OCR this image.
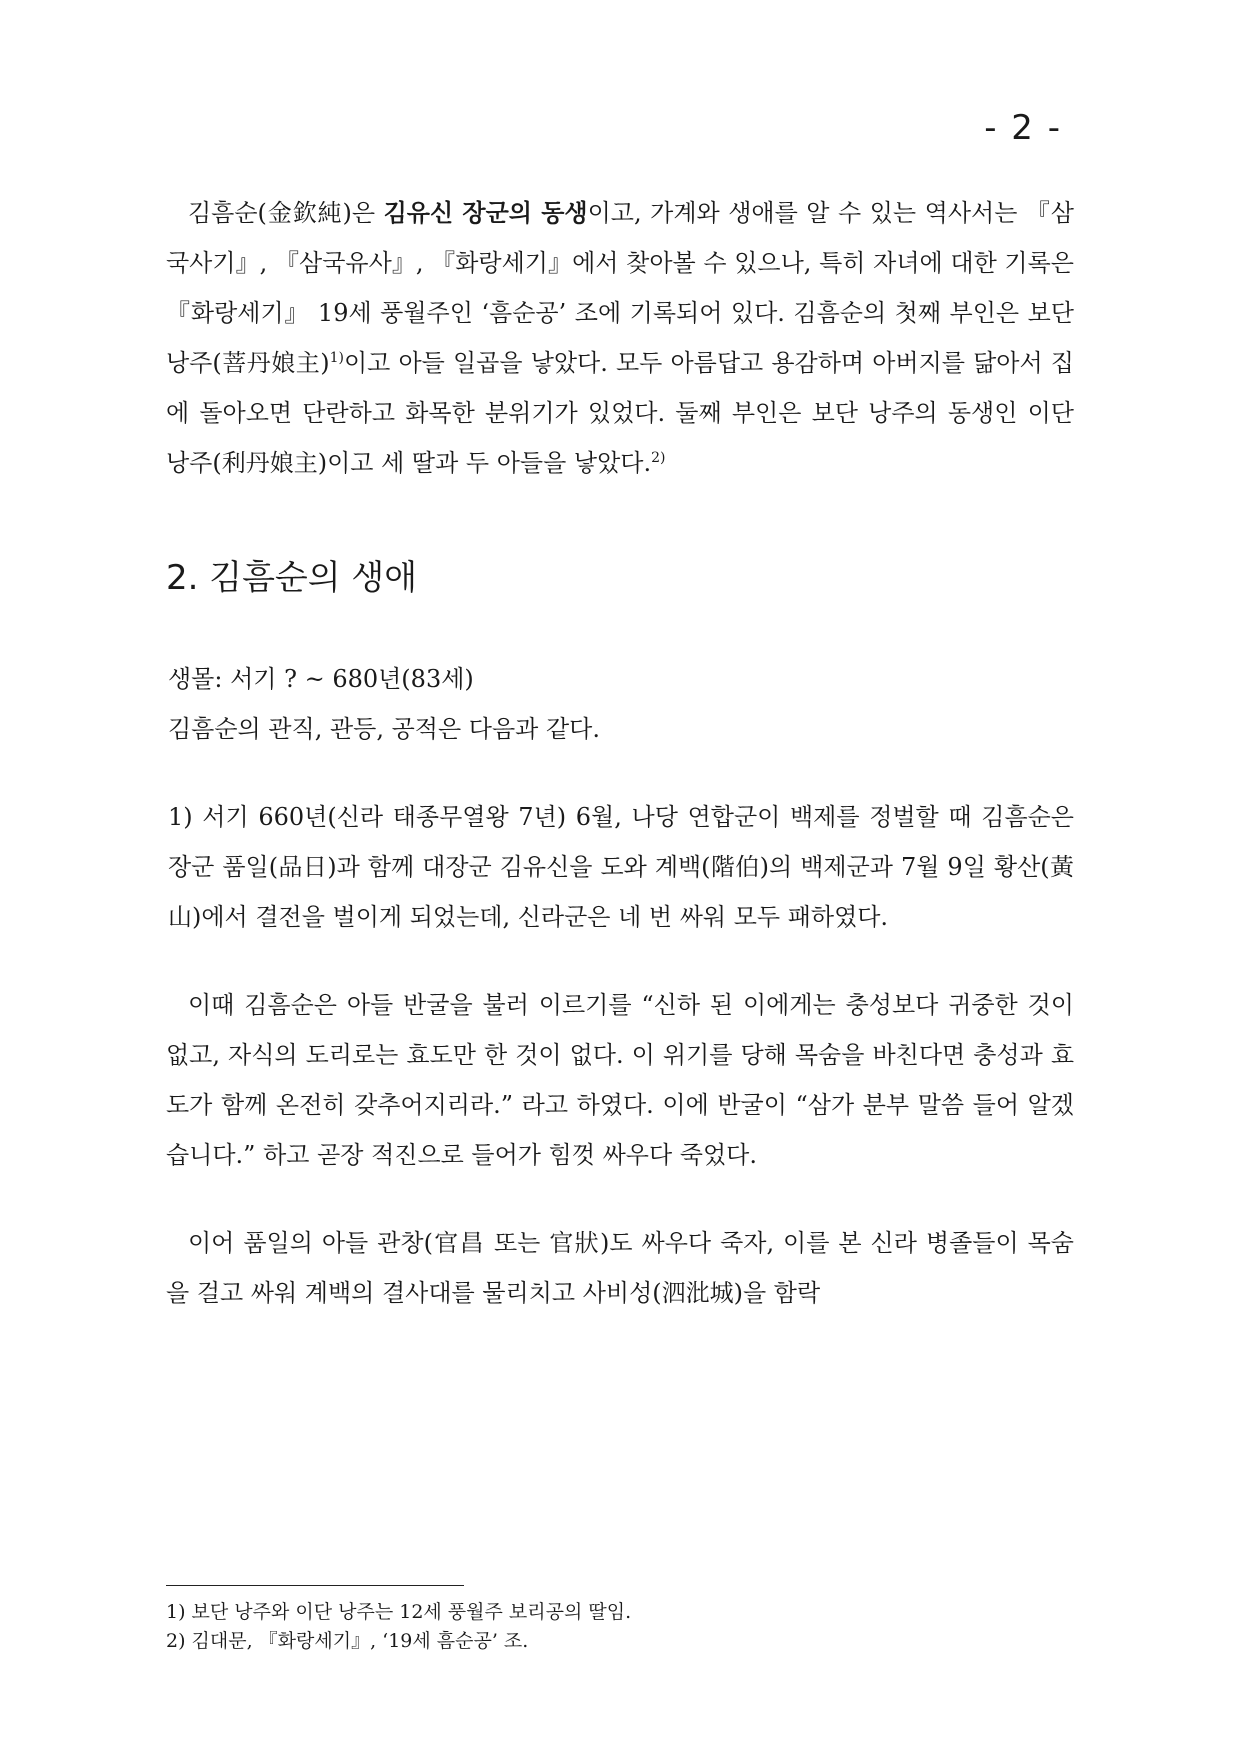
- 2 -

김흠순(金欽純)은 김유신 장군의 동생이고, 가계와 생애를 알 수 있는 역사서는 『삼국사기』, 『삼국유사』, 『화랑세기』에서 찾아볼 수 있으나, 특히 자녀에 대한 기록은 『화랑세기』 19세 풍월주인 ‘흠순공’ 조에 기록되어 있다. 김흠순의 첫째 부인은 보단 낭주(菩丹娘主)$^{1)}$이고 아들 일곱을 낳았다. 모두 아름답고 용감하며 아버지를 닮아서 집에 돌아오면 단란하고 화목한 분위기가 있었다. 둘째 부인은 보단 낭주의 동생인 이단 낭주(利丹娘主)이고 세 딸과 두 아들을 낳았다.$^{2)}$

2. 김흠순의 생애
생몰: 서기 ? ~ 680년(83세)
김흠순의 관직, 관등, 공적은 다음과 같다.

1) 서기 660년(신라 태종무열왕 7년) 6월, 나당 연합군이 백제를 정벌할 때 김흠순은 장군 품일(品日)과 함께 대장군 김유신을 도와 계백(階伯)의 백제군과 7월 9일 황산(黃山)에서 결전을 벌이게 되었는데, 신라군은 네 번 싸워 모두 패하였다.

이때 김흠순은 아들 반굴을 불러 이르기를 “신하 된 이에게는 충성보다 귀중한 것이 없고, 자식의 도리로는 효도만 한 것이 없다. 이 위기를 당해 목숨을 바친다면 충성과 효도가 함께 온전히 갖추어지리라.” 라고 하였다. 이에 반굴이 “삼가 분부 말씀 들어 알겠습니다.” 하고 곧장 적진으로 들어가 힘껏 싸우다 죽었다.

이어 품일의 아들 관창(官昌 또는 官狀)도 싸우다 죽자, 이를 본 신라 병졸들이 목숨을 걸고 싸워 계백의 결사대를 물리치고 사비성(泗沘城)을 함락

1) 보단 낭주와 이단 낭주는 12세 풍월주 보리공의 딸임.
2) 김대문, 『화랑세기』, ‘19세 흠순공’ 조.
